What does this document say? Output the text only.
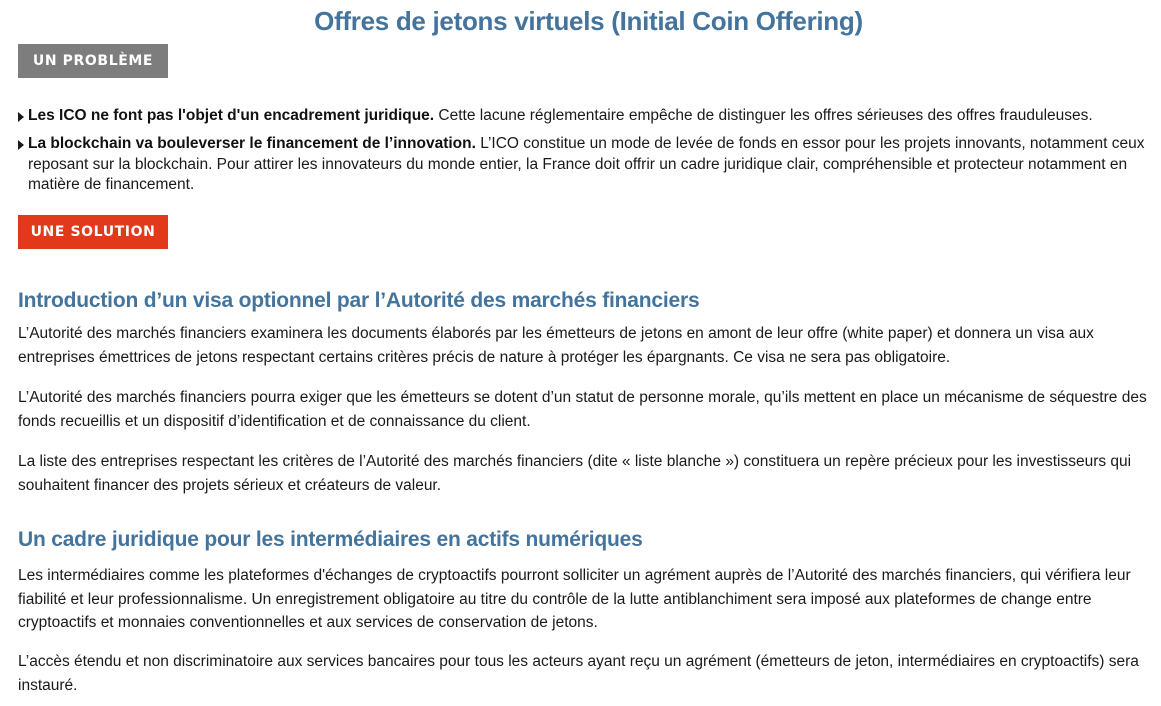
Offres de jetons virtuels (Initial Coin Offering)
UN PROBLÈME
Les ICO ne font pas l'objet d'un encadrement juridique. Cette lacune réglementaire empêche de distinguer les offres sérieuses des offres frauduleuses.
La blockchain va bouleverser le financement de l’innovation. L’ICO constitue un mode de levée de fonds en essor pour les projets innovants, notamment ceux reposant sur la blockchain. Pour attirer les innovateurs du monde entier, la France doit offrir un cadre juridique clair, compréhensible et protecteur notamment en matière de financement.
UNE SOLUTION
Introduction d’un visa optionnel par l’Autorité des marchés financiers

L’Autorité des marchés financiers examinera les documents élaborés par les émetteurs de jetons en amont de leur offre (white paper) et donnera un visa aux entreprises émettrices de jetons respectant certains critères précis de nature à protéger les épargnants. Ce visa ne sera pas obligatoire.

L’Autorité des marchés financiers pourra exiger que les émetteurs se dotent d’un statut de personne morale, qu’ils mettent en place un mécanisme de séquestre des fonds recueillis et un dispositif d’identification et de connaissance du client.

La liste des entreprises respectant les critères de l’Autorité des marchés financiers (dite « liste blanche ») constituera un repère précieux pour les investisseurs qui souhaitent financer des projets sérieux et créateurs de valeur.

Un cadre juridique pour les intermédiaires en actifs numériques

Les intermédiaires comme les plateformes d'échanges de cryptoactifs pourront solliciter un agrément auprès de l’Autorité des marchés financiers, qui vérifiera leur fiabilité et leur professionnalisme. Un enregistrement obligatoire au titre du contrôle de la lutte antiblanchiment sera imposé aux plateformes de change entre cryptoactifs et monnaies conventionnelles et aux services de conservation de jetons.

L’accès étendu et non discriminatoire aux services bancaires pour tous les acteurs ayant reçu un agrément (émetteurs de jeton, intermédiaires en cryptoactifs) sera instauré.
